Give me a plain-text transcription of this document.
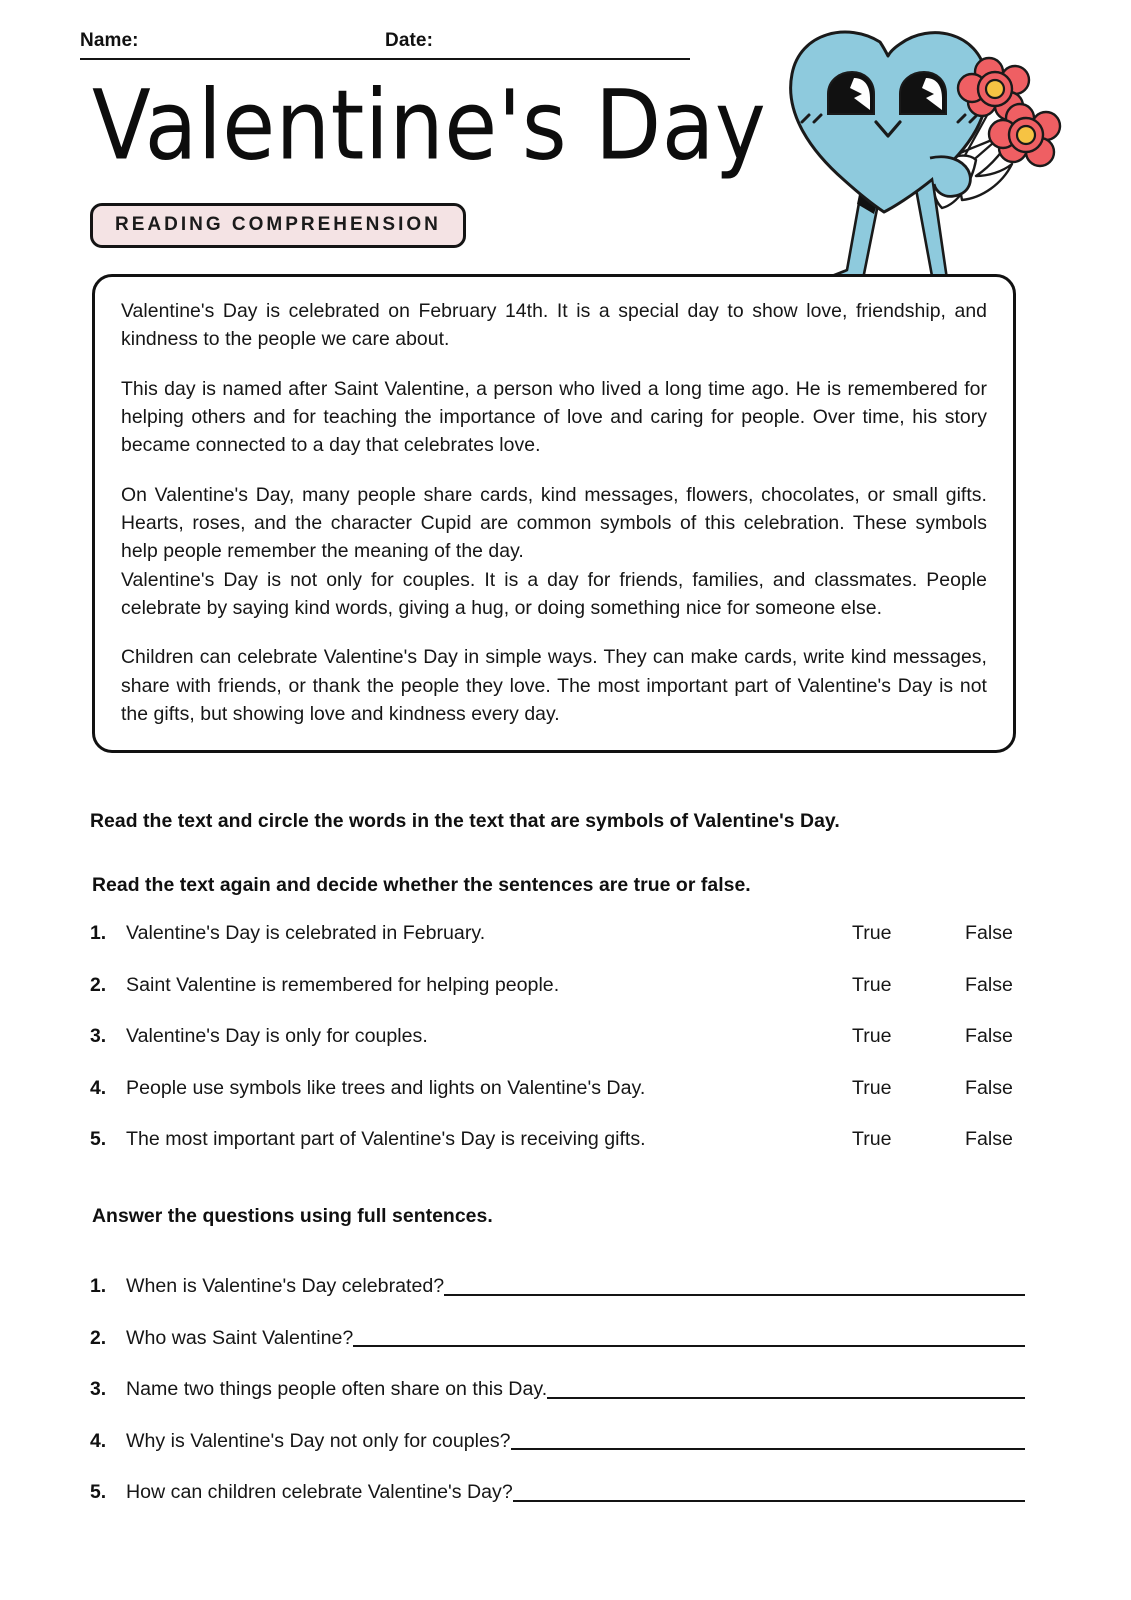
Name:	Date:
Valentine's Day
READING COMPREHENSION

Valentine's Day is celebrated on February 14th. It is a special day to show love, friendship, and kindness to the people we care about.

This day is named after Saint Valentine, a person who lived a long time ago. He is remembered for helping others and for teaching the importance of love and caring for people. Over time, his story became connected to a day that celebrates love.

On Valentine's Day, many people share cards, kind messages, flowers, chocolates, or small gifts. Hearts, roses, and the character Cupid are common symbols of this celebration. These symbols help people remember the meaning of the day.

Valentine's Day is not only for couples. It is a day for friends, families, and classmates. People celebrate by saying kind words, giving a hug, or doing something nice for someone else.

Children can celebrate Valentine's Day in simple ways. They can make cards, write kind messages, share with friends, or thank the people they love. The most important part of Valentine's Day is not the gifts, but showing love and kindness every day.

Read the text and circle the words in the text that are symbols of Valentine's Day.
Read the text again and decide whether the sentences are true or false.
Answer the questions using full sentences.
1.	Valentine's Day is celebrated in February.	True	False
2.	Saint Valentine is remembered for helping people.	True	False
3.	Valentine's Day is only for couples.	True	False
4.	People use symbols like trees and lights on Valentine's Day.	True	False
5.	The most important part of Valentine's Day is receiving gifts.	True	False
1.	When is Valentine's Day celebrated?
2.	Who was Saint Valentine?
3.	Name two things people often share on this Day.
4.	Why is Valentine's Day not only for couples?
5.	How can children celebrate Valentine's Day?
